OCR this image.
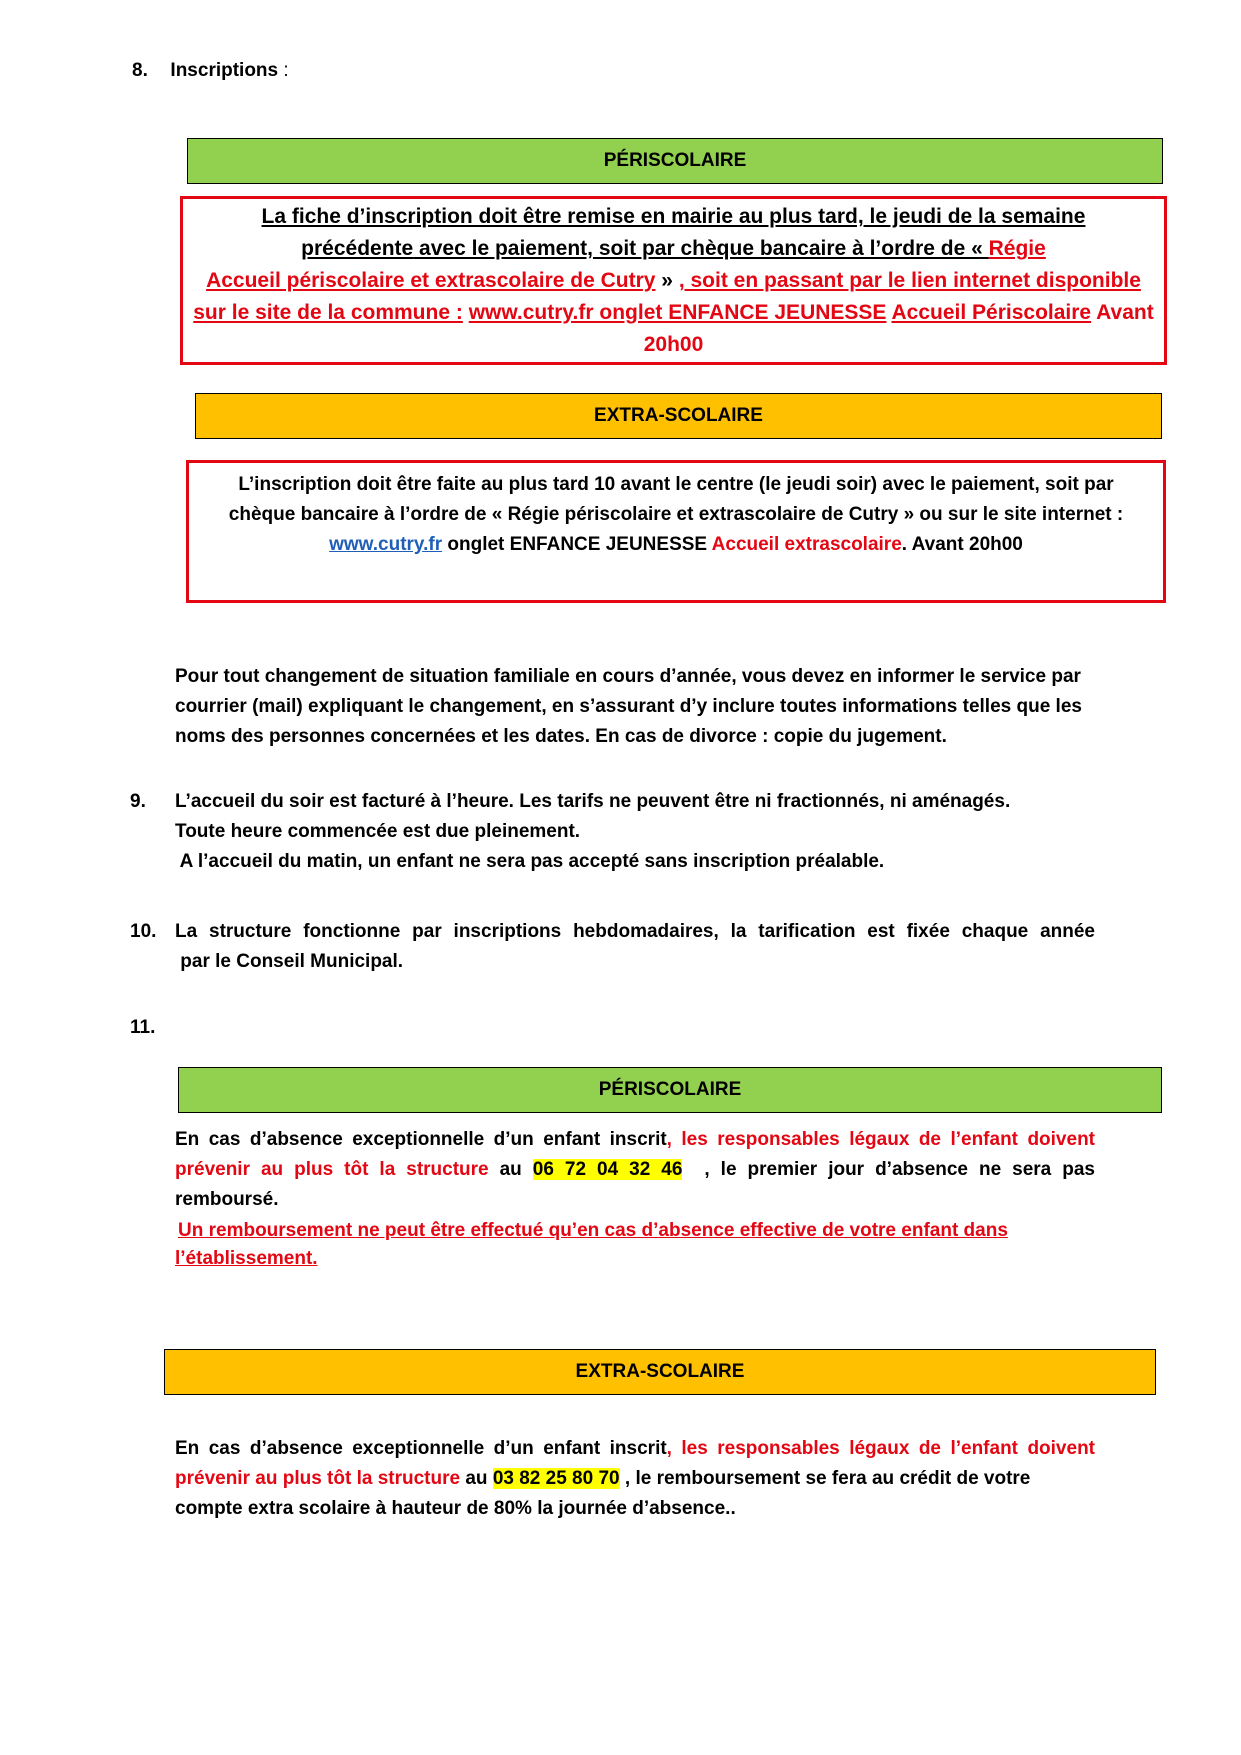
8. Inscriptions :
PÉRISCOLAIRE
La fiche d’inscription doit être remise en mairie au plus tard, le jeudi de la semaine
précédente avec le paiement, soit par chèque bancaire à l’ordre de « Régie
Accueil périscolaire et extrascolaire de Cutry » , soit en passant par le lien internet disponible
sur le site de la commune : www.cutry.fr onglet ENFANCE JEUNESSE Accueil Périscolaire Avant
20h00
EXTRA-SCOLAIRE
L’inscription doit être faite au plus tard 10 avant le centre (le jeudi soir) avec le paiement, soit par
chèque bancaire à l’ordre de « Régie périscolaire et extrascolaire de Cutry » ou sur le site internet :
www.cutry.fr onglet ENFANCE JEUNESSE Accueil extrascolaire. Avant 20h00
Pour tout changement de situation familiale en cours d’année, vous devez en informer le service par
courrier (mail) expliquant le changement, en s’assurant d’y inclure toutes informations telles que les
noms des personnes concernées et les dates. En cas de divorce : copie du jugement.
9. L’accueil du soir est facturé à l’heure. Les tarifs ne peuvent être ni fractionnés, ni aménagés.
Toute heure commencée est due pleinement.
A l’accueil du matin, un enfant ne sera pas accepté sans inscription préalable.
10. La structure fonctionne par inscriptions hebdomadaires, la tarification est fixée chaque année
par le Conseil Municipal.
11.
PÉRISCOLAIRE
En cas d’absence exceptionnelle d’un enfant inscrit, les responsables légaux de l’enfant doivent
prévenir au plus tôt la structure au 06 72 04 32 46  , le premier jour d’absence ne sera pas
remboursé.
Un remboursement ne peut être effectué qu’en cas d’absence effective de votre enfant dans
l’établissement.
EXTRA-SCOLAIRE
En cas d’absence exceptionnelle d’un enfant inscrit, les responsables légaux de l’enfant doivent
prévenir au plus tôt la structure au 03 82 25 80 70 , le remboursement se fera au crédit de votre
compte extra scolaire à hauteur de 80% la journée d’absence..
